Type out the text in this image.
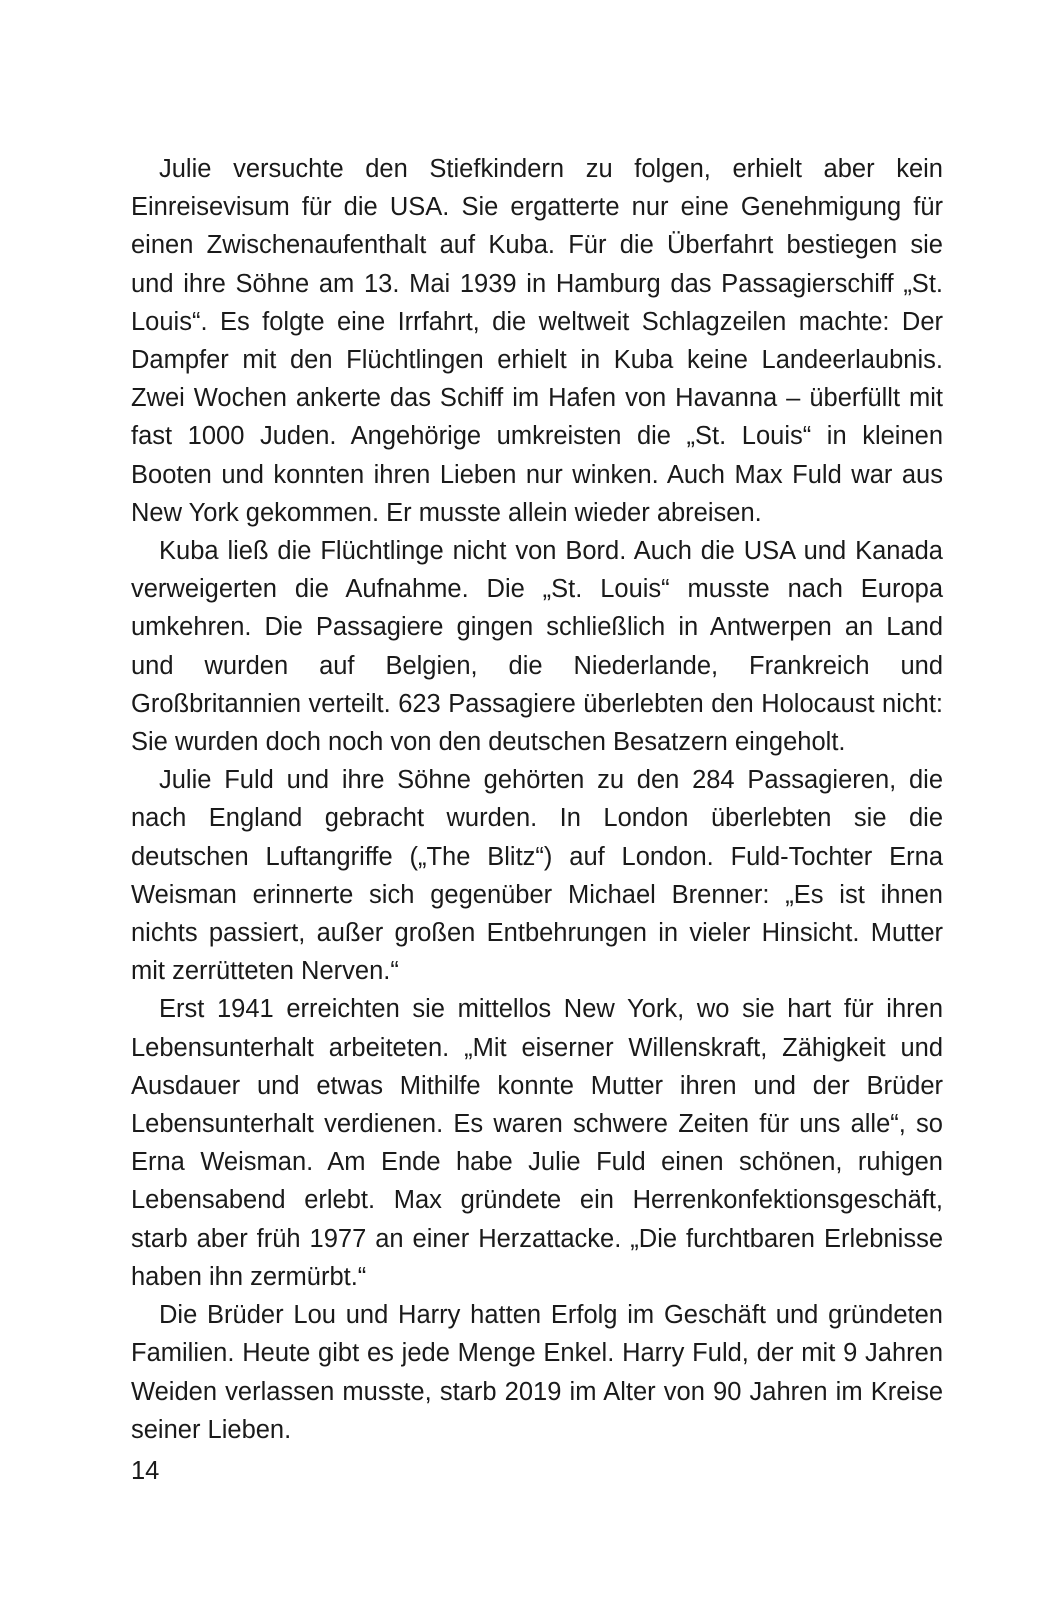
Julie versuchte den Stiefkindern zu folgen, erhielt aber kein Einreisevisum für die USA. Sie ergatterte nur eine Genehmigung für einen Zwischenaufenthalt auf Kuba. Für die Überfahrt bestiegen sie und ihre Söhne am 13. Mai 1939 in Hamburg das Passagierschiff „St. Louis“. Es folgte eine Irrfahrt, die weltweit Schlagzeilen machte: Der Dampfer mit den Flüchtlingen erhielt in Kuba keine Landeerlaubnis. Zwei Wochen ankerte das Schiff im Hafen von Havanna – überfüllt mit fast 1000 Juden. Angehörige umkreisten die „St. Louis“ in kleinen Booten und konnten ihren Lieben nur winken. Auch Max Fuld war aus New York gekommen. Er musste allein wieder abreisen.

Kuba ließ die Flüchtlinge nicht von Bord. Auch die USA und Kanada verweigerten die Aufnahme. Die „St. Louis“ musste nach Europa umkehren. Die Passagiere gingen schließlich in Antwerpen an Land und wurden auf Belgien, die Niederlande, Frankreich und Großbritannien verteilt. 623 Passagiere überlebten den Holocaust nicht: Sie wurden doch noch von den deutschen Besatzern eingeholt.

Julie Fuld und ihre Söhne gehörten zu den 284 Passagieren, die nach England gebracht wurden. In London überlebten sie die deutschen Luftangriffe („The Blitz“) auf London. Fuld-Tochter Erna Weisman erinnerte sich gegenüber Michael Brenner: „Es ist ihnen nichts passiert, außer großen Entbehrungen in vieler Hinsicht. Mutter mit zerrütteten Nerven.“

Erst 1941 erreichten sie mittellos New York, wo sie hart für ihren Lebensunterhalt arbeiteten. „Mit eiserner Willenskraft, Zähigkeit und Ausdauer und etwas Mithilfe konnte Mutter ihren und der Brüder Lebensunterhalt verdienen. Es waren schwere Zeiten für uns alle“, so Erna Weisman. Am Ende habe Julie Fuld einen schönen, ruhigen Lebensabend erlebt. Max gründete ein Herrenkonfektionsgeschäft, starb aber früh 1977 an einer Herzattacke. „Die furchtbaren Erlebnisse haben ihn zermürbt.“

Die Brüder Lou und Harry hatten Erfolg im Geschäft und gründeten Familien. Heute gibt es jede Menge Enkel. Harry Fuld, der mit 9 Jahren Weiden verlassen musste, starb 2019 im Alter von 90 Jahren im Kreise seiner Lieben.

14
